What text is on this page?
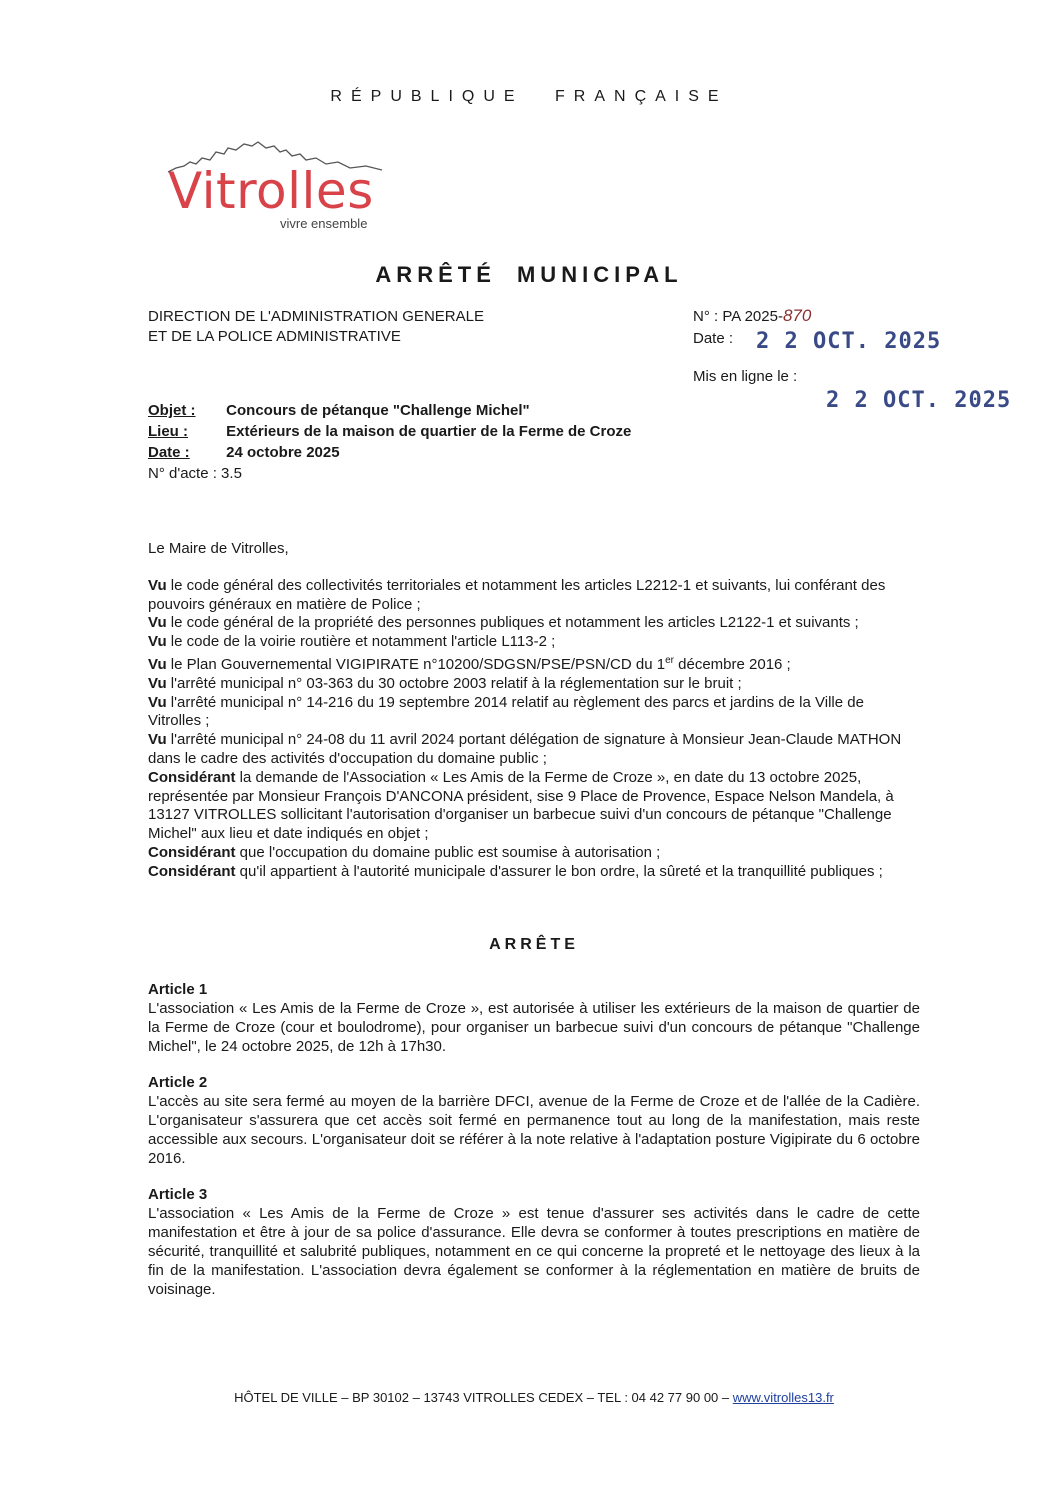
RÉPUBLIQUE FRANÇAISE
Vitrolles
vivre ensemble
ARRÊTÉ MUNICIPAL
DIRECTION DE L'ADMINISTRATION GENERALE
ET DE LA POLICE ADMINISTRATIVE
N° : PA 2025-870
Date :
Mis en ligne le :
2 2 OCT. 2025
2 2 OCT. 2025
Objet : Concours de pétanque "Challenge Michel"
Lieu :	Extérieurs de la maison de quartier de la Ferme de Croze
Date : 24 octobre 2025
N° d'acte : 3.5

Le Maire de Vitrolles,

Vu le code général des collectivités territoriales et notamment les articles L2212-1 et suivants, lui conférant des pouvoirs généraux en matière de Police ;

Vu le code général de la propriété des personnes publiques et notamment les articles L2122-1 et suivants ;

Vu le code de la voirie routière et notamment l'article L113-2 ;

Vu le Plan Gouvernemental VIGIPIRATE n°10200/SDGSN/PSE/PSN/CD du 1er décembre 2016 ;

Vu l'arrêté municipal n° 03-363 du 30 octobre 2003 relatif à la réglementation sur le bruit ;

Vu l'arrêté municipal n° 14-216 du 19 septembre 2014 relatif au règlement des parcs et jardins de la Ville de Vitrolles ;

Vu l'arrêté municipal n° 24-08 du 11 avril 2024 portant délégation de signature à Monsieur Jean-Claude MATHON dans le cadre des activités d'occupation du domaine public ;

Considérant la demande de l'Association « Les Amis de la Ferme de Croze », en date du 13 octobre 2025, représentée par Monsieur François D'ANCONA président, sise 9 Place de Provence, Espace Nelson Mandela, à 13127 VITROLLES sollicitant l'autorisation d'organiser un barbecue suivi d'un concours de pétanque "Challenge Michel" aux lieu et date indiqués en objet ;

Considérant que l'occupation du domaine public est soumise à autorisation ;

Considérant qu'il appartient à l'autorité municipale d'assurer le bon ordre, la sûreté et la tranquillité publiques ;

ARRÊTE
Article 1

L'association « Les Amis de la Ferme de Croze », est autorisée à utiliser les extérieurs de la maison de quartier de la Ferme de Croze (cour et boulodrome), pour organiser un barbecue suivi d'un concours de pétanque "Challenge Michel", le 24 octobre 2025, de 12h à 17h30.

Article 2

L'accès au site sera fermé au moyen de la barrière DFCI, avenue de la Ferme de Croze et de l'allée de la Cadière. L'organisateur s'assurera que cet accès soit fermé en permanence tout au long de la manifestation, mais reste accessible aux secours. L'organisateur doit se référer à la note relative à l'adaptation posture Vigipirate du 6 octobre 2016.

Article 3

L'association « Les Amis de la Ferme de Croze » est tenue d'assurer ses activités dans le cadre de cette manifestation et être à jour de sa police d'assurance. Elle devra se conformer à toutes prescriptions en matière de sécurité, tranquillité et salubrité publiques, notamment en ce qui concerne la propreté et le nettoyage des lieux à la fin de la manifestation. L'association devra également se conformer à la réglementation en matière de bruits de voisinage.

HÔTEL DE VILLE – BP 30102 – 13743 VITROLLES CEDEX – TEL : 04 42 77 90 00 – www.vitrolles13.fr
